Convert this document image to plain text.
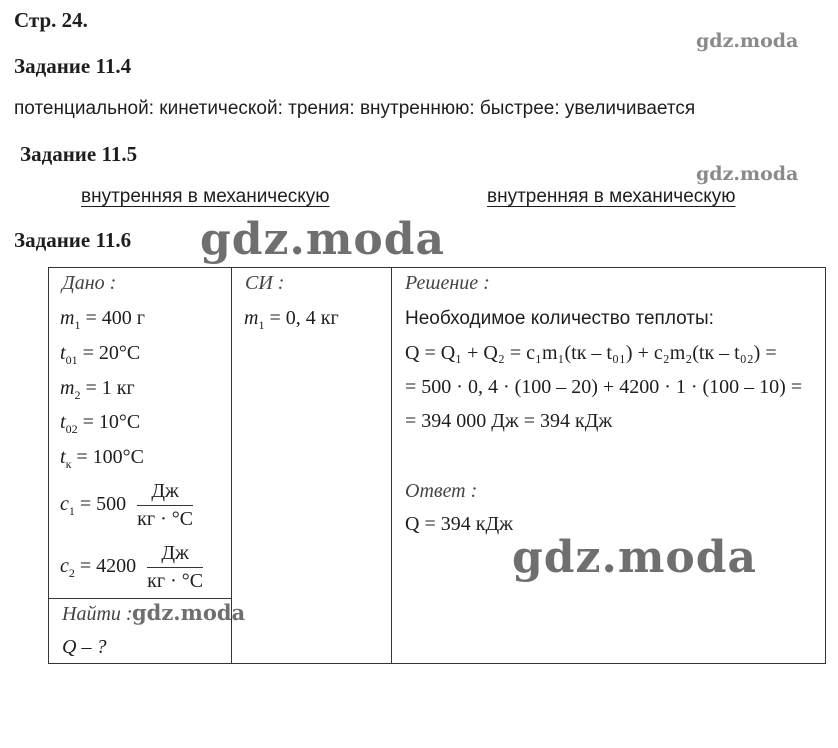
Стр. 24.
gdz.moda
Задание 11.4
потенциальной: кинетической: трения: внутреннюю: быстрее: увеличивается
Задание 11.5
gdz.moda
внутренняя в механическую	внутренняя в механическую
Задание 11.6 gdz.moda
Дано :
$m_1 = 400$ г
$t_{01} = 20^\circ C$
$m_2 = 1$ кг
$t_{02} = 10^\circ C$
$t_к = 100^\circ C$
$c_1 = 500 \frac{Дж}{кг \cdot ^\circ C}$
$c_2 = 4200 \frac{Дж}{кг \cdot ^\circ C}$
Найти : gdz.moda
Q – ?
СИ :
$m_1 = 0$, 4 кг
Решение :
Необходимое количество теплоты:
Q = Q₁ + Q₂ = c₁m₁(tк – t₀₁) + c₂m₂(tк – t₀₂) =
= 500 · 0, 4 · (100 – 20) + 4200 · 1 · (100 – 10) =
= 394 000 Дж = 394 кДж
Ответ :
Q = 394 кДж
gdz.moda
